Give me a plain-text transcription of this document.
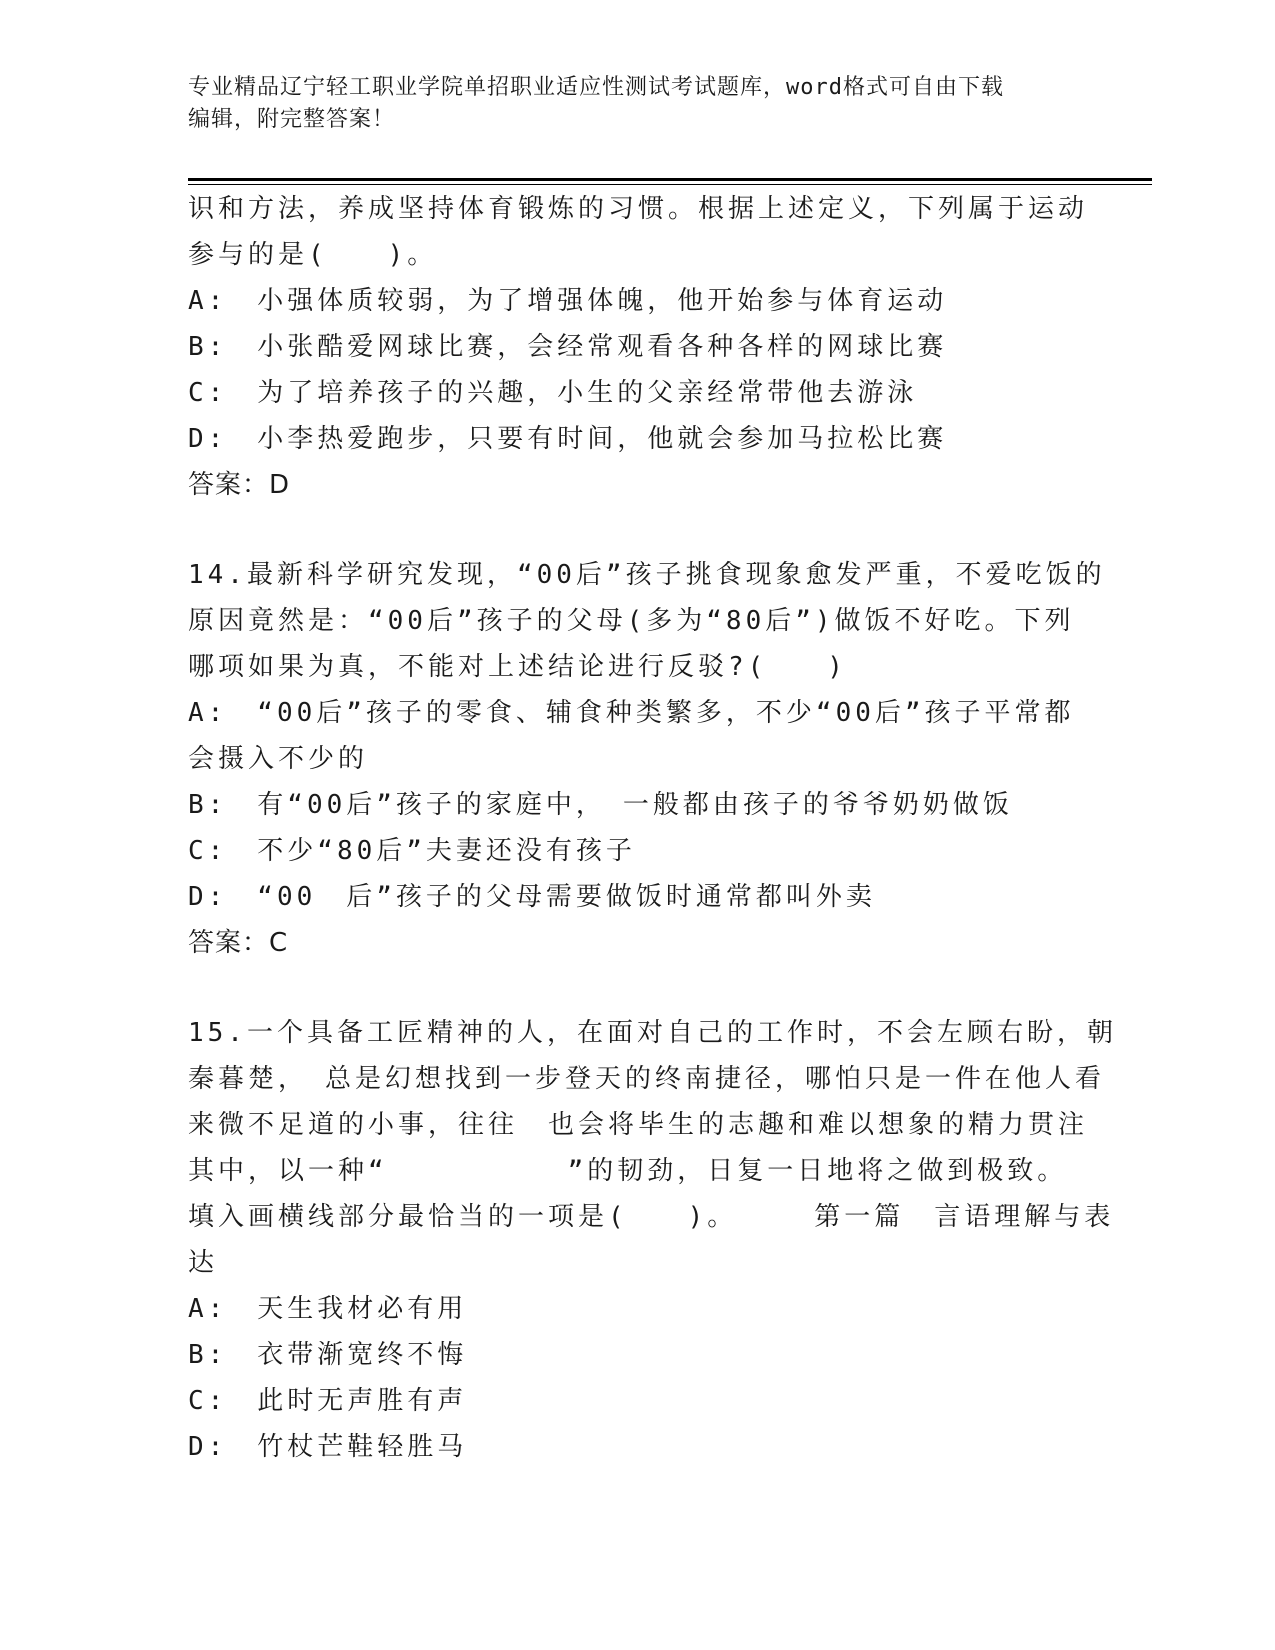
专业精品辽宁轻工职业学院单招职业适应性测试考试题库，word格式可自由下载
编辑，附完整答案！
识和方法，养成坚持体育锻炼的习惯。根据上述定义，下列属于运动
参与的是(　　)。
A:　小强体质较弱，为了增强体魄，他开始参与体育运动
B:　小张酷爱网球比赛，会经常观看各种各样的网球比赛
C:　为了培养孩子的兴趣，小生的父亲经常带他去游泳
D:　小李热爱跑步，只要有时间，他就会参加马拉松比赛
答案：D
14.最新科学研究发现，“00后”孩子挑食现象愈发严重，不爱吃饭的
原因竟然是：“00后”孩子的父母(多为“80后”)做饭不好吃。下列
哪项如果为真，不能对上述结论进行反驳?(　　)
A:　“00后”孩子的零食、辅食种类繁多，不少“00后”孩子平常都
会摄入不少的
B:　有“00后”孩子的家庭中，　一般都由孩子的爷爷奶奶做饭
C:　不少“80后”夫妻还没有孩子
D:　“00　后”孩子的父母需要做饭时通常都叫外卖
答案：C
15.一个具备工匠精神的人，在面对自己的工作时，不会左顾右盼，朝
秦暮楚，　总是幻想找到一步登天的终南捷径，哪怕只是一件在他人看
来微不足道的小事，往往　也会将毕生的志趣和难以想象的精力贯注
其中，以一种“　　　　　　”的韧劲，日复一日地将之做到极致。
填入画横线部分最恰当的一项是(　　)。　　　第一篇　言语理解与表
达
A:　天生我材必有用
B:　衣带渐宽终不悔
C:　此时无声胜有声
D:　竹杖芒鞋轻胜马
